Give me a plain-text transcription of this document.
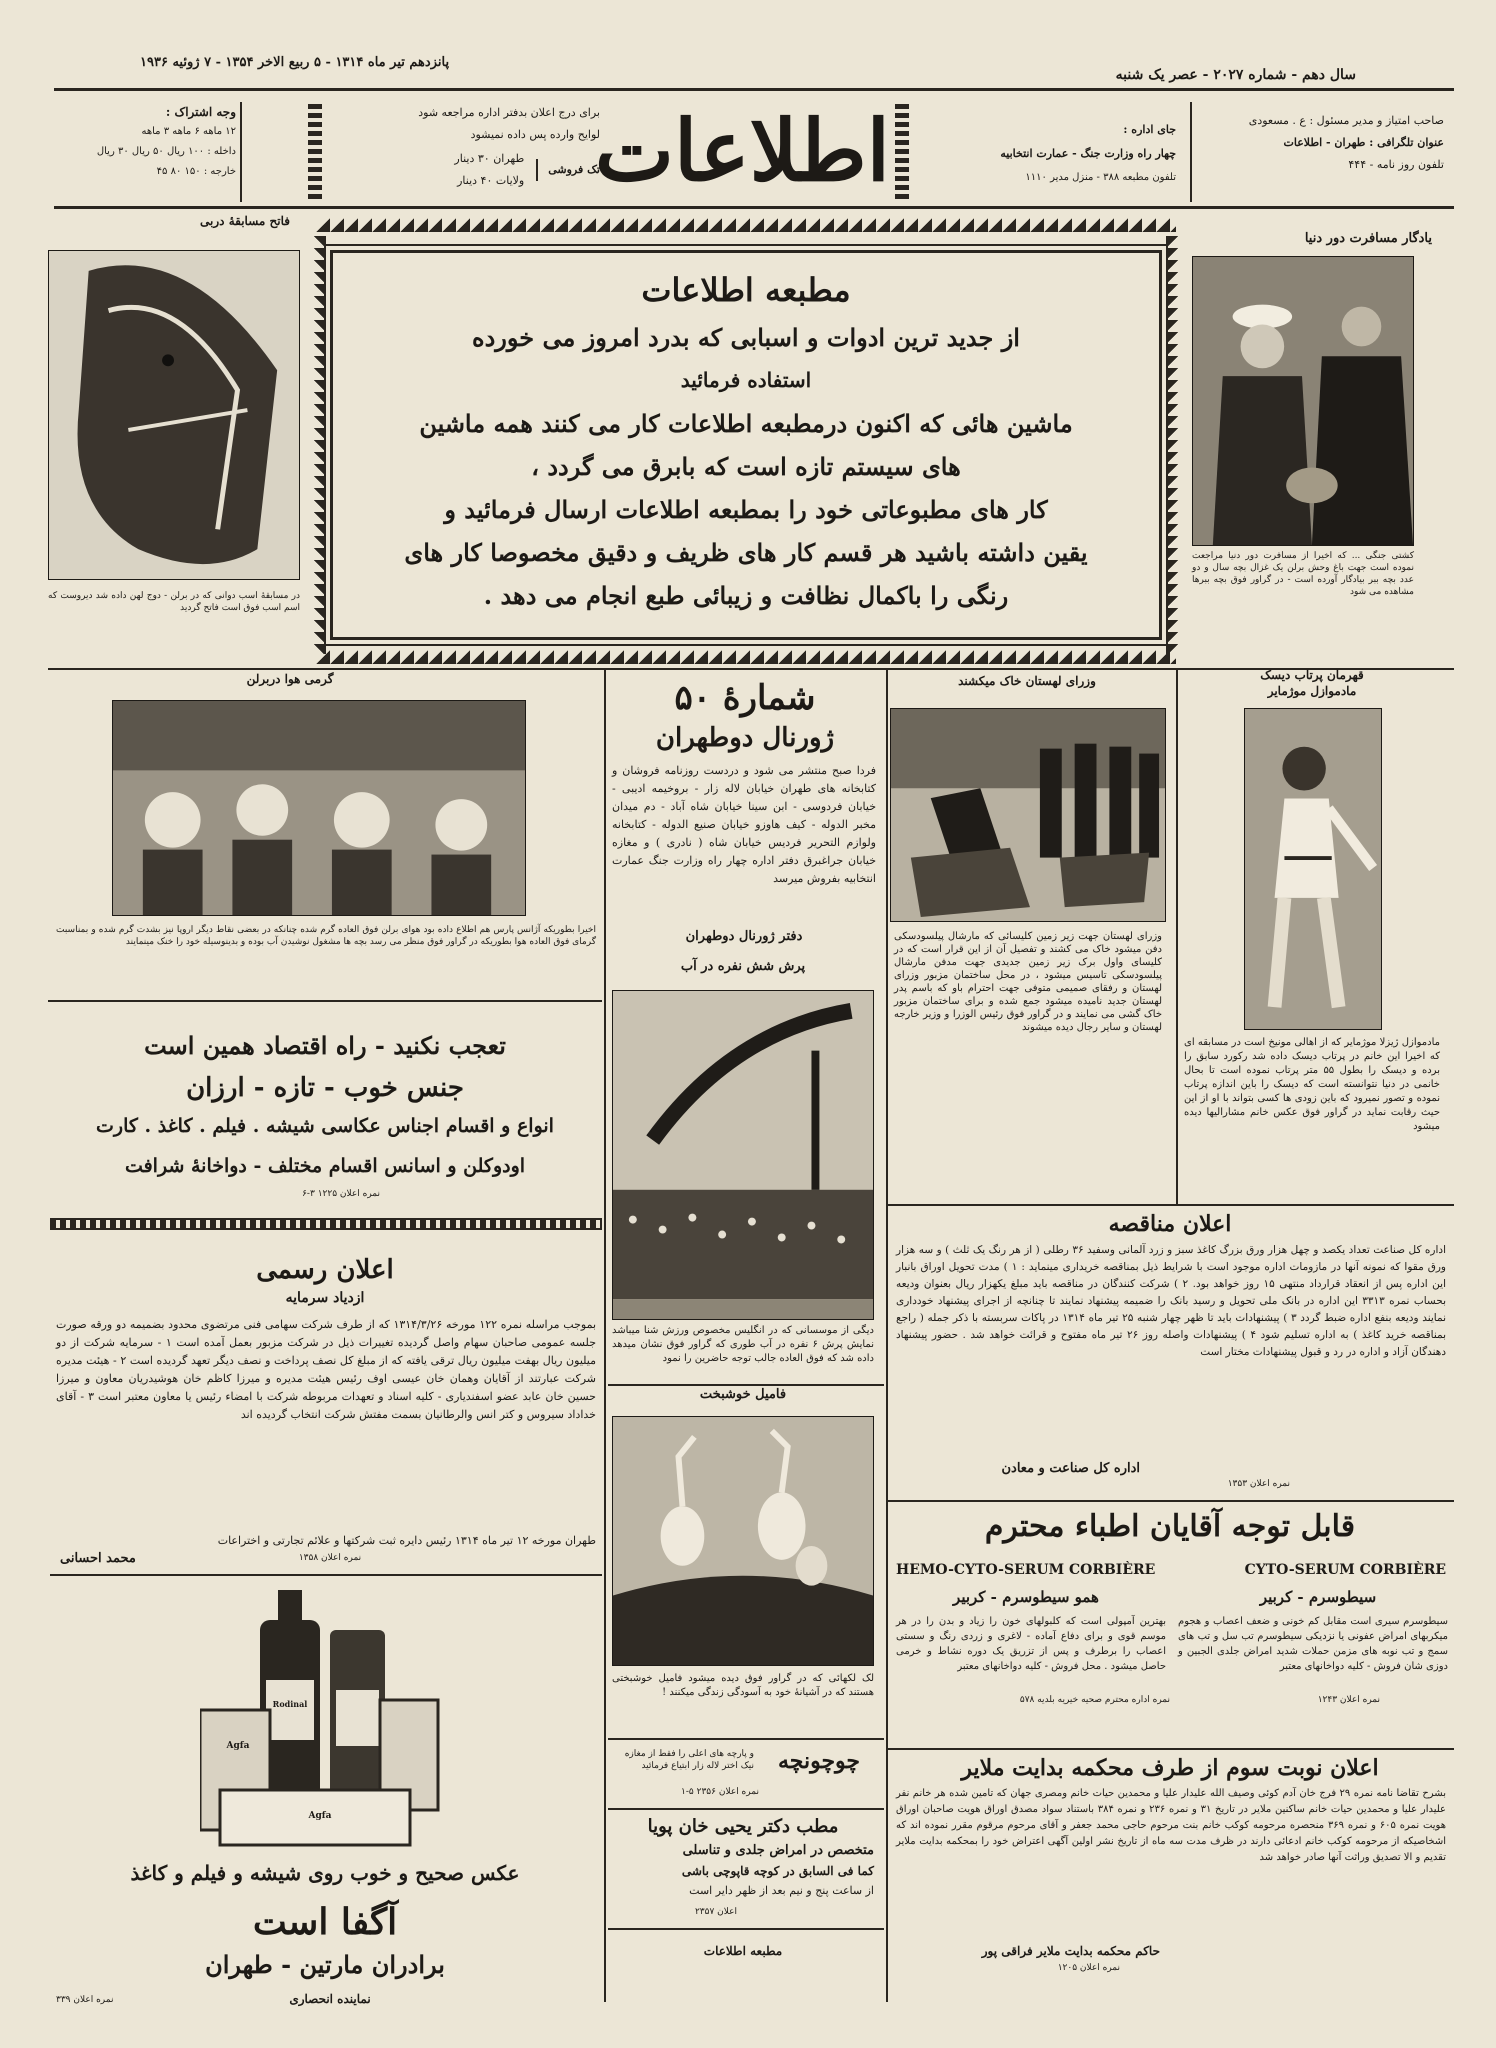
پانزدهم تیر ماه ۱۳۱۴ - ۵ ربیع الاخر ۱۳۵۴ - ۷ ژوئیه ۱۹۳۶
سال دهم - شماره ۲۰۲۷ - عصر یک شنبه
صاحب امتیاز و مدیر مسئول : ع . مسعودی
عنوان تلگرافی : طهران - اطلاعات
تلفون روز نامه - ۴۴۴
جای اداره :
چهار راه وزارت جنگ - عمارت انتخابیه
تلفون مطبعه ۳۸۸ - منزل مدیر ۱۱۱۰
اطلاعات
برای درج اعلان بدفتر اداره مراجعه شود
لوایح وارده پس داده نمیشود
تک فروشی
طهران ۳۰ دینار
ولایات ۴۰ دینار
وجه اشتراک :
۱۲ ماهه ۶ ماهه ۳ ماهه
داخله : ۱۰۰ ریال ۵۰ ریال ۳۰ ریال
خارجه : ۱۵۰ ۸۰ ۴۵
فاتح مسابقهٔ دربی
در مسابقهٔ اسب دوانی که در برلن - دوج لهن داده شد دیروست که اسم اسب فوق است فاتح گردید
مطبعه اطلاعات
از جدید ترین ادوات و اسبابی که بدرد امروز می خورده
استفاده فرمائید
ماشین هائی که اکنون درمطبعه اطلاعات کار می کنند همه ماشین
های سیستم تازه است که بابرق می گردد ،
کار های مطبوعاتی خود را بمطبعه اطلاعات ارسال فرمائید و
یقین داشته باشید هر قسم کار های ظریف و دقیق مخصوصا کار های
رنگی را باکمال نظافت و زیبائی طبع انجام می دهد .
یادگار مسافرت دور دنیا
کشتی جنگی ... که اخیرا از مسافرت دور دنیا مراجعت نموده است جهت باغ وحش برلن یک غزال بچه سال و دو عدد بچه ببر بیادگار آورده است - در گراور فوق بچه ببرها مشاهده می شود
گرمی هوا دربرلن
اخیرا بطوریکه آژانس پارس هم اطلاع داده بود هوای برلن فوق العاده گرم شده چنانکه در بعضی نقاط دیگر اروپا نیز بشدت گرم شده و بمناسبت گرمای فوق العاده هوا بطوریکه در گراور فوق منظر می رسد بچه ها مشغول نوشیدن آب بوده و بدینوسیله خود را خنک مینمایند
شمارهٔ ۵۰
ژورنال دوطهران
فردا صبح منتشر می شود و دردست روزنامه فروشان و کتابخانه های طهران خیابان لاله زار - بروخیمه ادیبی - خیابان فردوسی - ابن سینا خیابان شاه آباد - دم میدان مخبر الدوله - کیف هاوزو خیابان صنیع الدوله - کتابخانه ولوازم التحریر فردیس خیابان شاه ( نادری ) و مغازه خیابان جراغبرق دفتر اداره چهار راه وزارت جنگ عمارت انتخابیه بفروش میرسد
دفتر ژورنال دوطهران
وزرای لهستان خاک میکشند
وزرای لهستان جهت زیر زمین کلیسائی که مارشال پیلسودسکی دفن میشود خاک می کشند و تفصیل آن از این قرار است که در کلیسای واول برک زیر زمین جدیدی جهت مدفن مارشال پیلسودسکی تاسیس میشود ، در محل ساختمان مزبور وزرای لهستان و رفقای صمیمی متوفی جهت احترام باو که باسم پدر لهستان جدید نامیده میشود جمع شده و برای ساختمان مزبور خاک گشی می نمایند و در گراور فوق رئیس الوزرا و وزیر خارجه لهستان و سایر رجال دیده میشوند
قهرمان پرتاب دیسک
مادموازل موژمایر
مادموازل ژیزلا موژمایر که از اهالی مونیخ است در مسابقه ای که اخیرا این خانم در پرتاب دیسک داده شد رکورد سابق را برده و دیسک را بطول ۵۵ متر پرتاب نموده است تا بحال خانمی در دنیا نتوانسته است که دیسک را باین اندازه پرتاب نموده و تصور نمیرود که باین زودی ها کسی بتواند با او از این حیث رقابت نماید در گراور فوق عکس خانم مشارالیها دیده میشود
تعجب نکنید - راه اقتصاد همین است
جنس خوب - تازه - ارزان
انواع و اقسام اجناس عکاسی شیشه . فیلم . کاغذ . کارت
اودوکلن و اسانس اقسام مختلف - دواخانهٔ شرافت
نمره اعلان ۱۲۲۵ ۳-۶
اعلان رسمی
ازدیاد سرمایه
بموجب مراسله نمره ۱۲۲ مورخه ۱۳۱۴/۳/۲۶ که از طرف شرکت سهامی فنی مرتضوی محدود بضمیمه دو ورقه صورت جلسه عمومی صاحبان سهام واصل گردیده تغییرات ذیل در شرکت مزبور بعمل آمده است ۱ - سرمایه شرکت از دو میلیون ریال بهفت میلیون ریال ترقی یافته که از مبلغ کل نصف پرداخت و نصف دیگر تعهد گردیده است ۲ - هیئت مدیره شرکت عبارتند از آقایان وهمان خان عیسی اوف رئیس هیئت مدیره و میرزا کاظم خان هوشیدریان معاون و میرزا حسین خان عابد عضو اسفندیاری - کلیه اسناد و تعهدات مربوطه شرکت با امضاء رئیس یا معاون معتبر است ۳ - آقای خداداد سیروس و کتر انس والرطانیان بسمت مفتش شرکت انتخاب گردیده اند
طهران مورخه ۱۲ تیر ماه ۱۳۱۴ رئیس دایره ثبت شرکتها و علائم تجارتی و اختراعات
نمره اعلان ۱۳۵۸
محمد احسانی
Agfa
Rodinal
Agfa
عکس صحیح و خوب روی شیشه و فیلم و کاغذ
آگفا است
برادران مارتین - طهران
نماینده انحصاری
نمره اعلان ۳۳۹
پرش شش نفره در آب
دیگی از موسسانی که در انگلیس مخصوص ورزش شنا میباشد نمایش پرش ۶ نفره در آب طوری که گراور فوق نشان میدهد داده شد که فوق العاده جالب توجه حاضرین را نمود
فامیل خوشبخت
لک لکهائی که در گراور فوق دیده میشود فامیل خوشبختی هستند که در آشیانهٔ خود به آسودگی زندگی میکنند !
چوچونچه
و پارچه های اعلی را فقط از مغازه نیک اختر لاله زار ابتیاع فرمائید
نمره اعلان ۲۳۵۶ ۵-۱
مطب دکتر یحیی خان پویا
متخصص در امراض جلدی و تناسلی
کما فی السابق در کوچه قاپوچی باشی
از ساعت پنج و نیم بعد از ظهر دایر است
اعلان ۲۳۵۷
مطبعه اطلاعات
اعلان مناقصه
اداره کل صناعت تعداد یکصد و چهل هزار ورق بزرگ کاغذ سبز و زرد آلمانی وسفید ۳۶ رطلی ( از هر رنگ یک ثلث ) و سه هزار ورق مقوا که نمونه آنها در مازومات اداره موجود است با شرایط ذیل بمناقصه خریداری مینماید : ۱ ) مدت تحویل اوراق بانبار این اداره پس از انعقاد قرارداد منتهی ۱۵ روز خواهد بود. ۲ ) شرکت کنندگان در مناقصه باید مبلغ یکهزار ریال بعنوان ودیعه بحساب نمره ۳۳۱۳ این اداره در بانک ملی تحویل و رسید بانک را ضمیمه پیشنهاد نمایند تا چنانچه از اجرای پیشنهاد خودداری نمایند ودیعه بنفع اداره ضبط گردد ۳ ) پیشنهادات باید تا ظهر چهار شنبه ۲۵ تیر ماه ۱۳۱۴ در پاکات سربسته با ذکر جمله ( راجع بمناقصه خرید کاغذ ) به اداره تسلیم شود ۴ ) پیشنهادات واصله روز ۲۶ تیر ماه مفتوح و قرائت خواهد شد . حضور پیشنهاد دهندگان آزاد و اداره در رد و قبول پیشنهادات مختار است
اداره کل صناعت و معادن
نمره اعلان ۱۳۵۳
قابل توجه آقایان اطباء محترم
HEMO-CYTO-SERUM CORBIÈRE	CYTO-SERUM CORBIÈRE
همو سیطوسرم - کربیر	سیطوسرم - کربیر
سیطوسرم سیری است مقابل کم خونی و ضعف اعصاب و هجوم میکربهای امراض عفونی یا نزدیکی سیطوسرم تب سل و تب های سمج و تب نوبه های مزمن حملات شدید امراض جلدی الجبین و دوزی شان فروش - کلیه دواخانهای معتبر
بهترین آمپولی است که کلبولهای خون را زیاد و بدن را در هر موسم قوی و برای دفاع آماده - لاغری و زردی رنگ و سستی اعصاب را برطرف و پس از تزریق یک دوره نشاط و خرمی حاصل میشود . محل فروش - کلیه دواخانهای معتبر
نمره اعلان ۱۲۴۳
نمره اداره محترم صحیه خیریه بلدیه ۵۷۸
اعلان نوبت سوم از طرف محکمه بدایت ملایر
بشرح تقاضا نامه نمره ۲۹ فرج خان آدم کوئی وصیف الله علیدار علیا و محمدین حیات خانم ومصری جهان که تامین شده هر خانم نفر علیدار علیا و محمدین حیات خانم ساکنین ملایر در تاریخ ۳۱ و نمره ۲۳۶ و نمره ۳۸۴ باستناد سواد مصدق اوراق هویت صاحبان اوراق هویت نمره ۶۰۵ و نمره ۳۶۹ منحصره مرحومه کوکب خانم بنت مرحوم حاجی محمد جعفر و آقای مرحوم مرقوم مقرر نموده اند که اشخاصیکه از مرحومه کوکب خانم ادعائی دارند در ظرف مدت سه ماه از تاریخ نشر اولین آگهی اعتراض خود را بمحکمه بدایت ملایر تقدیم و الا تصدیق وراثت آنها صادر خواهد شد
حاکم محکمه بدایت ملایر فراقی پور
نمره اعلان ۱۲۰۵
